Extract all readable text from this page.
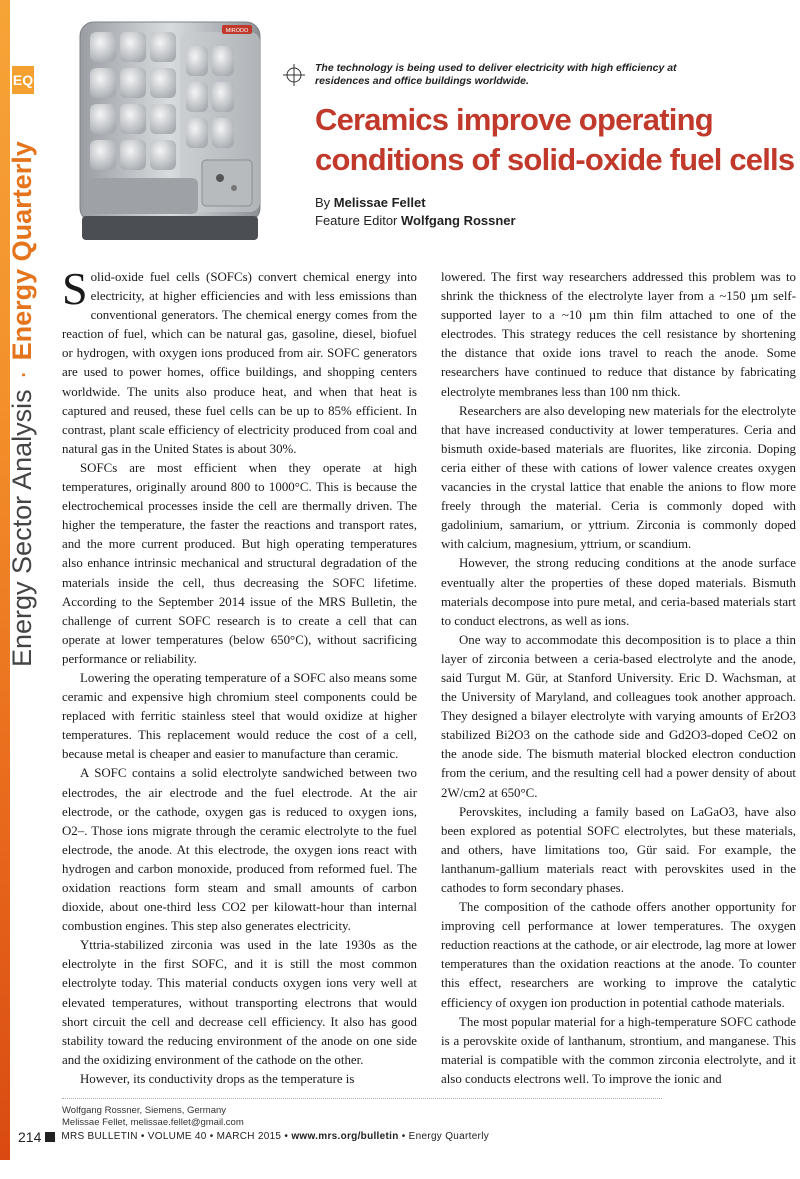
EQ
Energy Sector Analysis
·
Energy Quarterly
MIRODO
The technology is being used to deliver electricity with high efficiency at residences and office buildings worldwide.
Ceramics improve operating
conditions of solid-oxide fuel cells
By Melissae Fellet
Feature Editor Wolfgang Rossner

Solid-oxide fuel cells (SOFCs) convert chemical energy into electricity, at higher efficiencies and with less emissions than conventional generators. The chemical energy comes from the reaction of fuel, which can be natural gas, gasoline, diesel, biofuel or hydrogen, with oxygen ions produced from air. SOFC generators are used to power homes, office buildings, and shopping centers worldwide. The units also produce heat, and when that heat is captured and reused, these fuel cells can be up to 85% efficient. In contrast, plant scale efficiency of electricity produced from coal and natural gas in the United States is about 30%.

SOFCs are most efficient when they operate at high temperatures, originally around 800 to 1000°C. This is because the electrochemical processes inside the cell are thermally driven. The higher the temperature, the faster the reactions and transport rates, and the more current produced. But high operating temperatures also enhance intrinsic mechanical and structural degradation of the materials inside the cell, thus decreasing the SOFC lifetime. According to the September 2014 issue of the MRS Bulletin, the challenge of current SOFC research is to create a cell that can operate at lower temperatures (below 650°C), without sacrificing performance or reliability.

Lowering the operating temperature of a SOFC also means some ceramic and expensive high chromium steel components could be replaced with ferritic stainless steel that would oxidize at higher temperatures. This replacement would reduce the cost of a cell, because metal is cheaper and easier to manufacture than ceramic.

A SOFC contains a solid electrolyte sandwiched between two electrodes, the air electrode and the fuel electrode. At the air electrode, or the cathode, oxygen gas is reduced to oxygen ions, O2–. Those ions migrate through the ceramic electrolyte to the fuel electrode, the anode. At this electrode, the oxygen ions react with hydrogen and carbon monoxide, produced from reformed fuel. The oxidation reactions form steam and small amounts of carbon dioxide, about one-third less CO2 per kilowatt-hour than internal combustion engines. This step also generates electricity.

Yttria-stabilized zirconia was used in the late 1930s as the electrolyte in the first SOFC, and it is still the most common electrolyte today. This material conducts oxygen ions very well at elevated temperatures, without transporting electrons that would short circuit the cell and decrease cell efficiency. It also has good stability toward the reducing environment of the anode on one side and the oxidizing environment of the cathode on the other.

However, its conductivity drops as the temperature is

lowered. The first way researchers addressed this problem was to shrink the thickness of the electrolyte layer from a ~150 µm self-supported layer to a ~10 µm thin film attached to one of the electrodes. This strategy reduces the cell resistance by shortening the distance that oxide ions travel to reach the anode. Some researchers have continued to reduce that distance by fabricating electrolyte membranes less than 100 nm thick.

Researchers are also developing new materials for the electrolyte that have increased conductivity at lower temperatures. Ceria and bismuth oxide-based materials are fluorites, like zirconia. Doping ceria either of these with cations of lower valence creates oxygen vacancies in the crystal lattice that enable the anions to flow more freely through the material. Ceria is commonly doped with gadolinium, samarium, or yttrium. Zirconia is commonly doped with calcium, magnesium, yttrium, or scandium.

However, the strong reducing conditions at the anode surface eventually alter the properties of these doped materials. Bismuth materials decompose into pure metal, and ceria-based materials start to conduct electrons, as well as ions.

One way to accommodate this decomposition is to place a thin layer of zirconia between a ceria-based electrolyte and the anode, said Turgut M. Gür, at Stanford University. Eric D. Wachsman, at the University of Maryland, and colleagues took another approach. They designed a bilayer electrolyte with varying amounts of Er2O3 stabilized Bi2O3 on the cathode side and Gd2O3-doped CeO2 on the anode side. The bismuth material blocked electron conduction from the cerium, and the resulting cell had a power density of about 2W/cm2 at 650°C.

Perovskites, including a family based on LaGaO3, have also been explored as potential SOFC electrolytes, but these materials, and others, have limitations too, Gür said. For example, the lanthanum-gallium materials react with perovskites used in the cathodes to form secondary phases.

The composition of the cathode offers another opportunity for improving cell performance at lower temperatures. The oxygen reduction reactions at the cathode, or air electrode, lag more at lower temperatures than the oxidation reactions at the anode. To counter this effect, researchers are working to improve the catalytic efficiency of oxygen ion production in potential cathode materials.

The most popular material for a high-temperature SOFC cathode is a perovskite oxide of lanthanum, strontium, and manganese. This material is compatible with the common zirconia electrolyte, and it also conducts electrons well. To improve the ionic and

Wolfgang Rossner, Siemens, Germany
Melissae Fellet, melissae.fellet@gmail.com
214 MRS BULLETIN • VOLUME 40 • MARCH 2015 • www.mrs.org/bulletin • Energy Quarterly
